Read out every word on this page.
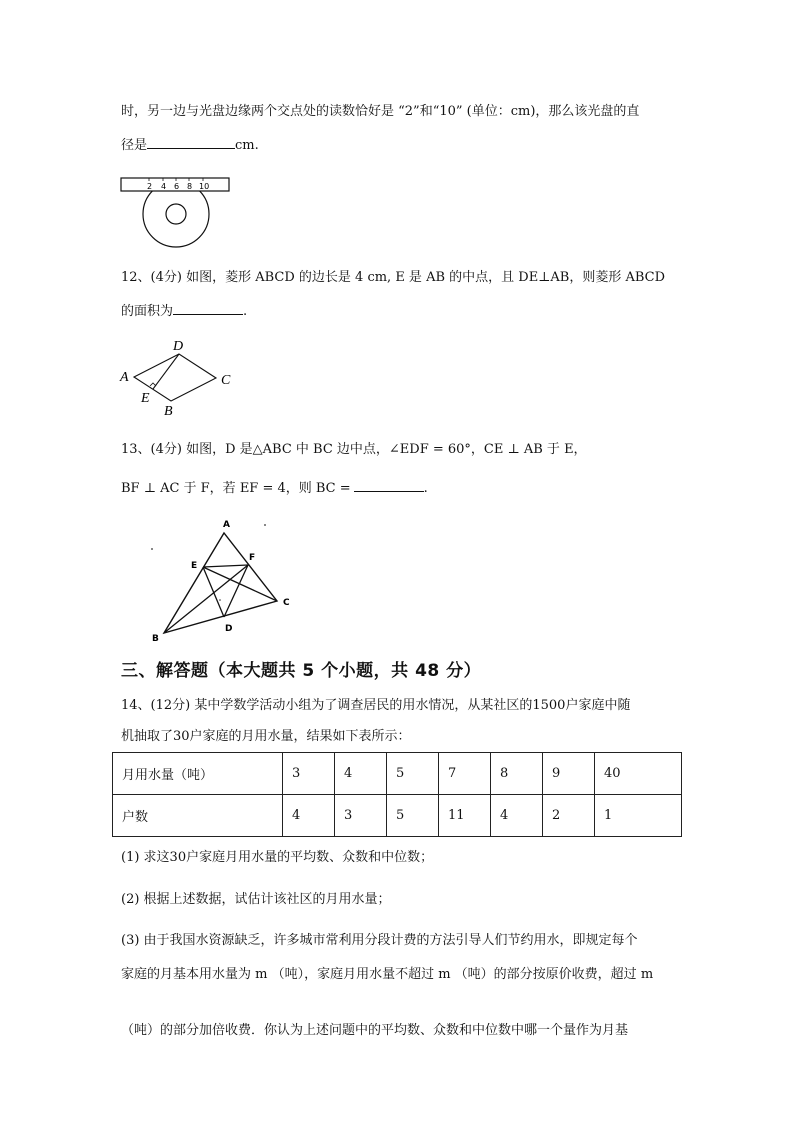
时，另一边与光盘边缘两个交点处的读数恰好是 “2”和“10” (单位：cm)，那么该光盘的直
径是	cm.
2 4 6 8 10
12、(4分) 如图，菱形 ABCD 的边长是 4 cm, E 是 AB 的中点，且 DE⊥AB，则菱形 ABCD
的面积为	.
A
D
C
E
B
13、(4分) 如图，D 是△ABC 中 BC 边中点，∠EDF = 60°，CE ⊥ AB 于 E，
BF ⊥ AC 于 F，若 EF = 4，则 BC =	.
A
E
F
C
D
B
三、解答题（本大题共 5 个小题，共 48 分）
14、(12分) 某中学数学活动小组为了调查居民的用水情况，从某社区的1500户家庭中随
机抽取了30户家庭的月用水量，结果如下表所示：
月用水量（吨）	3	4	5	7	8	9	40
户数	4	3	5	11	4	2	1
(1) 求这30户家庭月用水量的平均数、众数和中位数；
(2) 根据上述数据，试估计该社区的月用水量；
(3) 由于我国水资源缺乏，许多城市常利用分段计费的方法引导人们节约用水，即规定每个
家庭的月基本用水量为 m （吨），家庭月用水量不超过 m （吨）的部分按原价收费，超过 m
（吨）的部分加倍收费．你认为上述问题中的平均数、众数和中位数中哪一个量作为月基
